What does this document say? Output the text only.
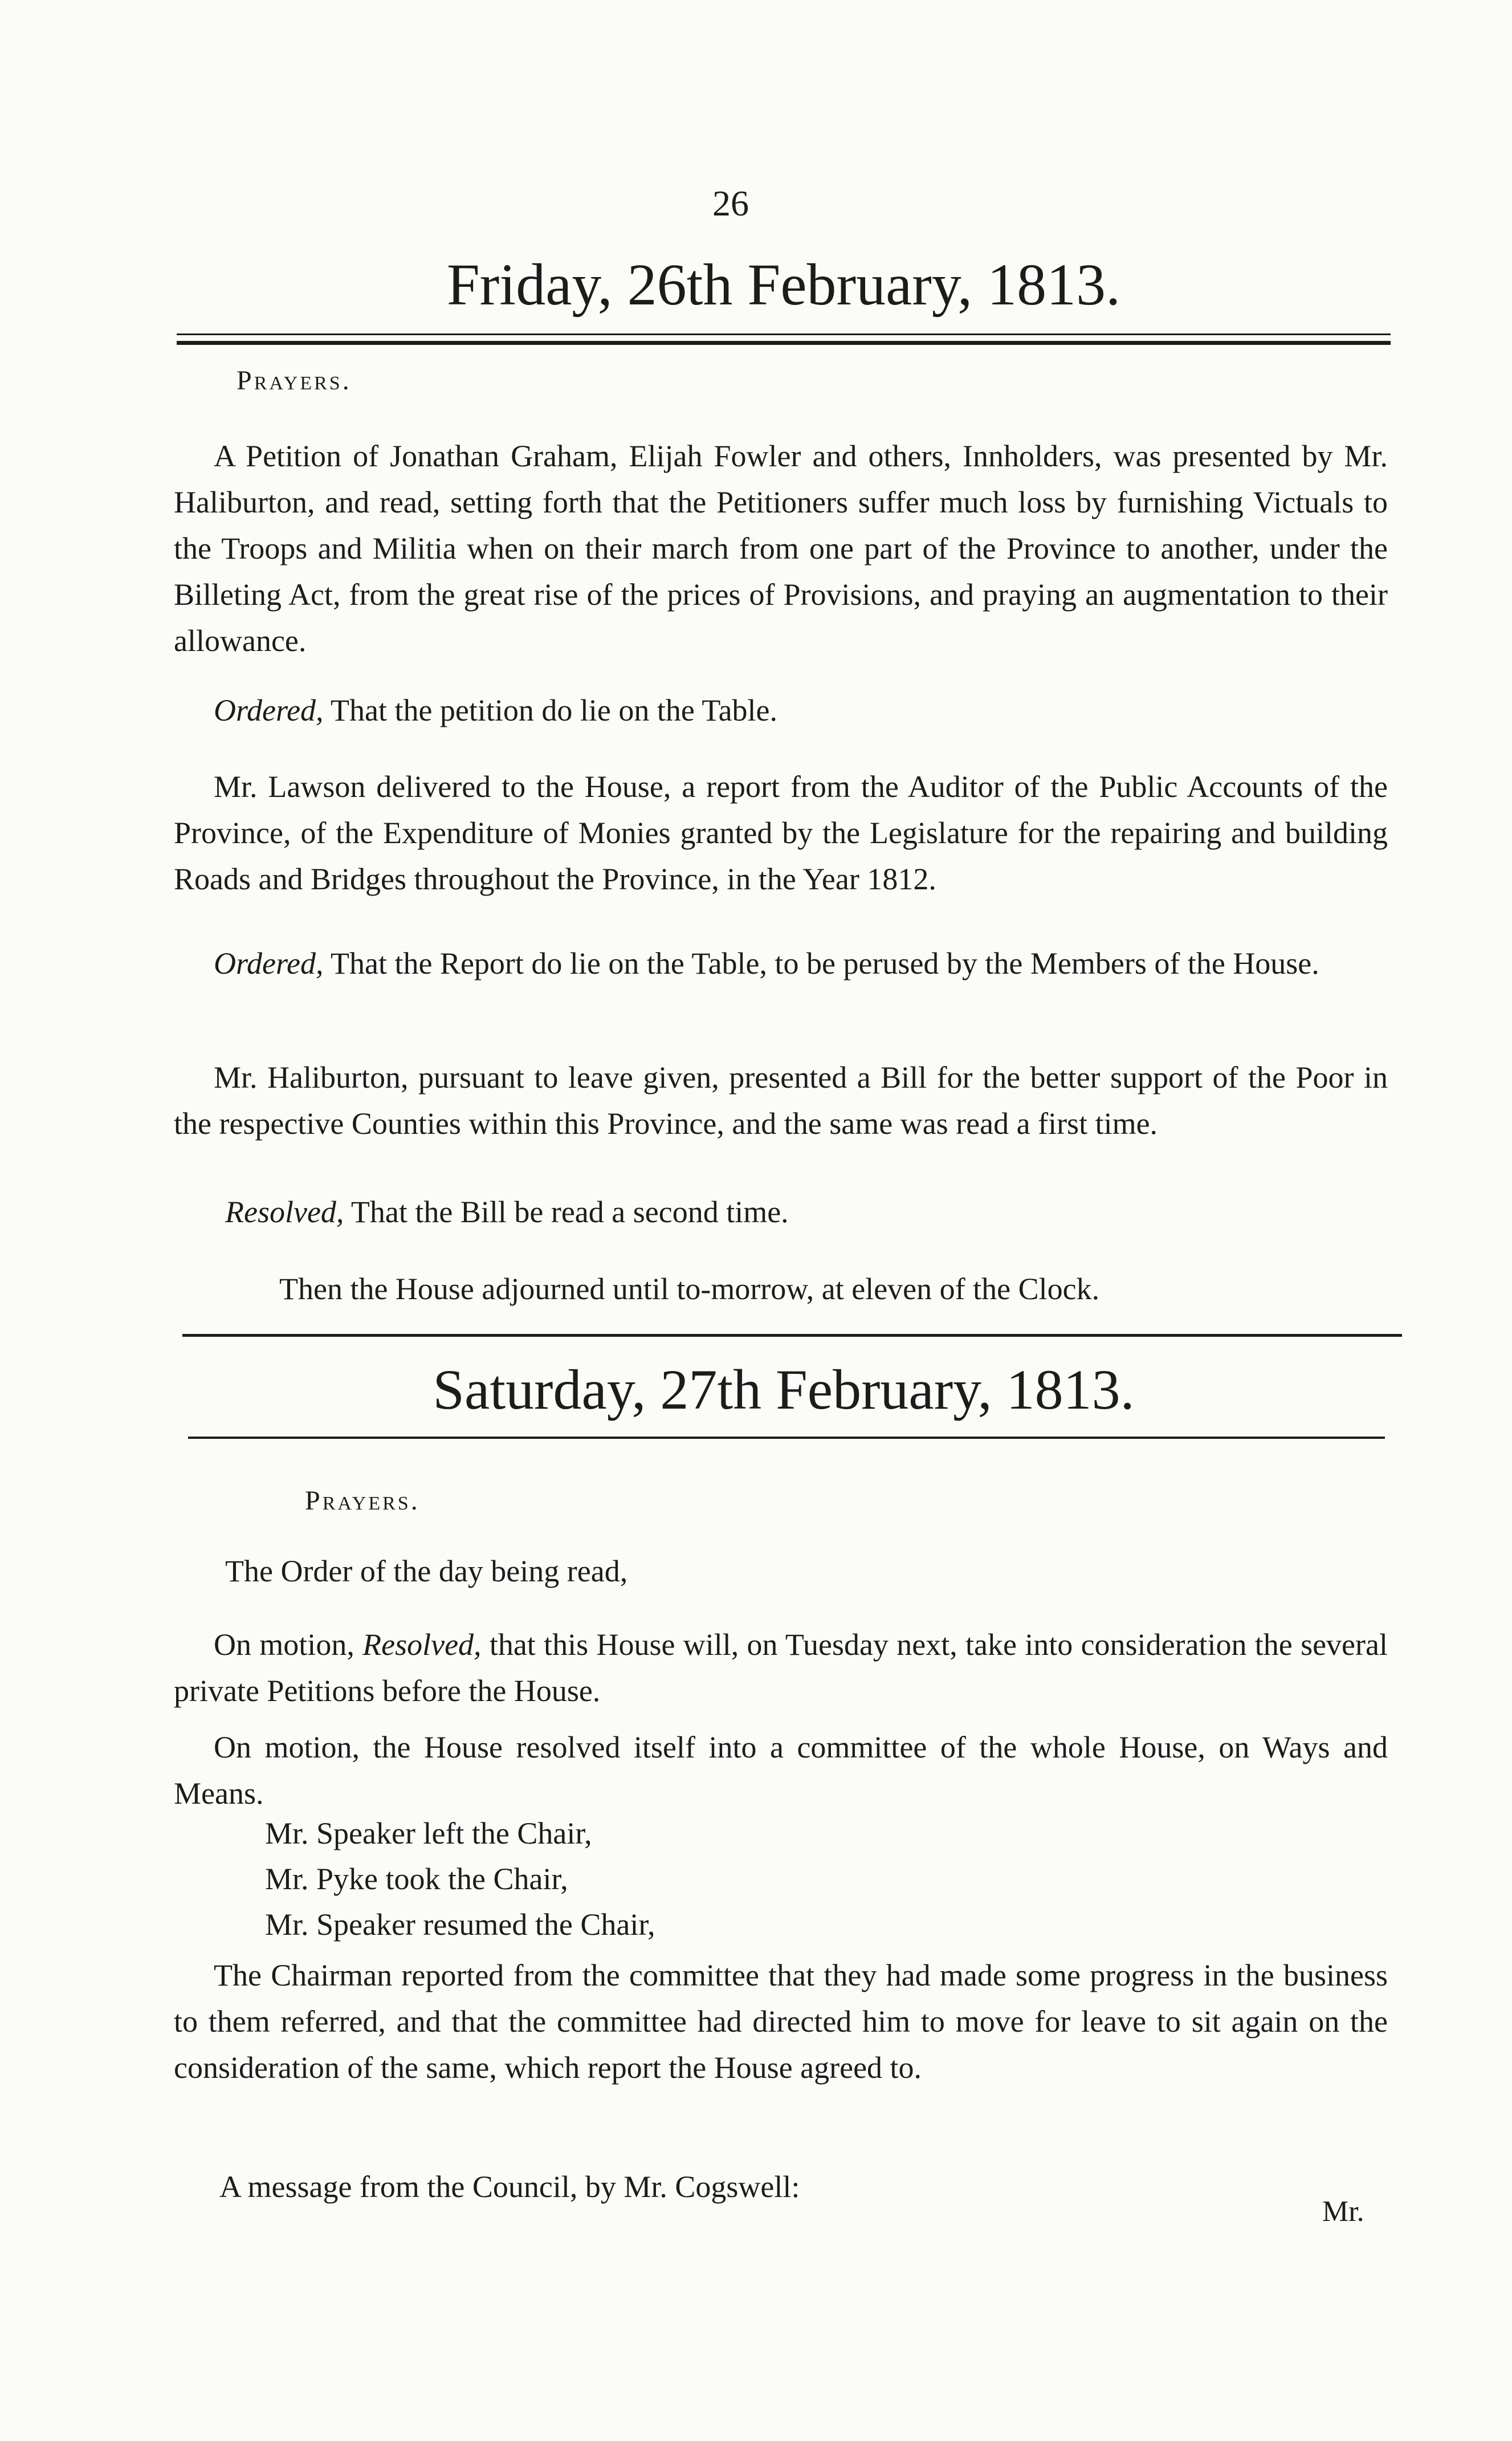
26
Friday, 26th February, 1813.
Prayers.
A Petition of Jonathan Graham, Elijah Fowler and others, Innholders, was presented by Mr. Haliburton, and read, setting forth that the Petitioners suffer much loss by furnishing Victuals to the Troops and Militia when on their march from one part of the Province to another, under the Billeting Act, from the great rise of the prices of Provisions, and praying an augmentation to their allowance.
Ordered, That the petition do lie on the Table.
Mr. Lawson delivered to the House, a report from the Auditor of the Public Accounts of the Province, of the Expenditure of Monies granted by the Legislature for the repairing and building Roads and Bridges throughout the Province, in the Year 1812.
Ordered, That the Report do lie on the Table, to be perused by the Members of the House.
Mr. Haliburton, pursuant to leave given, presented a Bill for the better support of the Poor in the respective Counties within this Province, and the same was read a first time.
Resolved, That the Bill be read a second time.
Then the House adjourned until to-morrow, at eleven of the Clock.
Saturday, 27th February, 1813.
Prayers.
The Order of the day being read,
On motion, Resolved, that this House will, on Tuesday next, take into consideration the several private Petitions before the House.
On motion, the House resolved itself into a committee of the whole House, on Ways and Means.
Mr. Speaker left the Chair,
Mr. Pyke took the Chair,
Mr. Speaker resumed the Chair,
The Chairman reported from the committee that they had made some progress in the business to them referred, and that the committee had directed him to move for leave to sit again on the consideration of the same, which report the House agreed to.
A message from the Council, by Mr. Cogswell:
Mr.
